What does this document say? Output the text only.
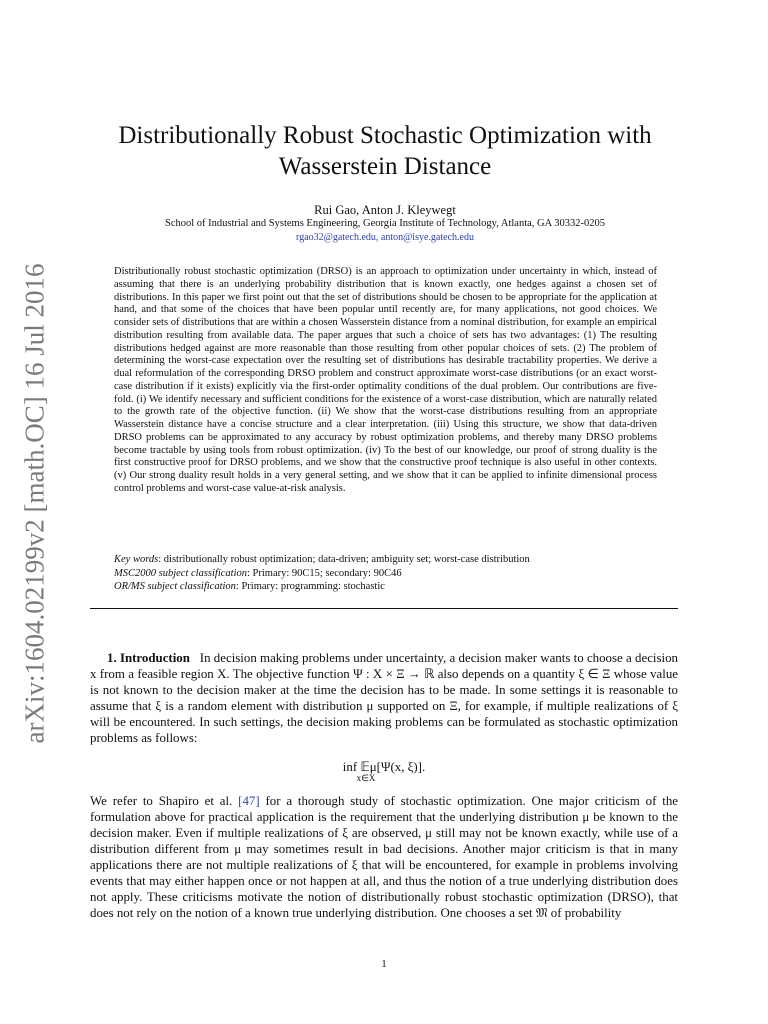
arXiv:1604.02199v2 [math.OC] 16 Jul 2016
Distributionally Robust Stochastic Optimization with
Wasserstein Distance
Rui Gao, Anton J. Kleywegt
School of Industrial and Systems Engineering, Georgia Institute of Technology, Atlanta, GA 30332-0205
rgao32@gatech.edu, anton@isye.gatech.edu

Distributionally robust stochastic optimization (DRSO) is an approach to optimization under uncertainty in which, instead of assuming that there is an underlying probability distribution that is known exactly, one hedges against a chosen set of distributions. In this paper we first point out that the set of distributions should be chosen to be appropriate for the application at hand, and that some of the choices that have been popular until recently are, for many applications, not good choices. We consider sets of distributions that are within a chosen Wasserstein distance from a nominal distribution, for example an empirical distribution resulting from available data. The paper argues that such a choice of sets has two advantages: (1) The resulting distributions hedged against are more reasonable than those resulting from other popular choices of sets. (2) The problem of determining the worst-case expectation over the resulting set of distributions has desirable tractability properties. We derive a dual reformulation of the corresponding DRSO problem and construct approximate worst-case distributions (or an exact worst-case distribution if it exists) explicitly via the first-order optimality conditions of the dual problem. Our contributions are five-fold. (i) We identify necessary and sufficient conditions for the existence of a worst-case distribution, which are naturally related to the growth rate of the objective function. (ii) We show that the worst-case distributions resulting from an appropriate Wasserstein distance have a concise structure and a clear interpretation. (iii) Using this structure, we show that data-driven DRSO problems can be approximated to any accuracy by robust optimization problems, and thereby many DRSO problems become tractable by using tools from robust optimization. (iv) To the best of our knowledge, our proof of strong duality is the first constructive proof for DRSO problems, and we show that the constructive proof technique is also useful in other contexts. (v) Our strong duality result holds in a very general setting, and we show that it can be applied to infinite dimensional process control problems and worst-case value-at-risk analysis.

Key words: distributionally robust optimization; data-driven; ambiguity set; worst-case distribution
MSC2000 subject classification: Primary: 90C15; secondary: 90C46
OR/MS subject classification: Primary: programming: stochastic

1. Introduction In decision making problems under uncertainty, a decision maker wants to choose a decision x from a feasible region X. The objective function Ψ : X × Ξ → ℝ also depends on a quantity ξ ∈ Ξ whose value is not known to the decision maker at the time the decision has to be made. In some settings it is reasonable to assume that ξ is a random element with distribution μ supported on Ξ, for example, if multiple realizations of ξ will be encountered. In such settings, the decision making problems can be formulated as stochastic optimization problems as follows:

inf 𝔼μ[Ψ(x, ξ)].
x∈X

We refer to Shapiro et al. [47] for a thorough study of stochastic optimization. One major criticism of the formulation above for practical application is the requirement that the underlying distribution μ be known to the decision maker. Even if multiple realizations of ξ are observed, μ still may not be known exactly, while use of a distribution different from μ may sometimes result in bad decisions. Another major criticism is that in many applications there are not multiple realizations of ξ that will be encountered, for example in problems involving events that may either happen once or not happen at all, and thus the notion of a true underlying distribution does not apply. These criticisms motivate the notion of distributionally robust stochastic optimization (DRSO), that does not rely on the notion of a known true underlying distribution. One chooses a set 𝔐 of probability

1
